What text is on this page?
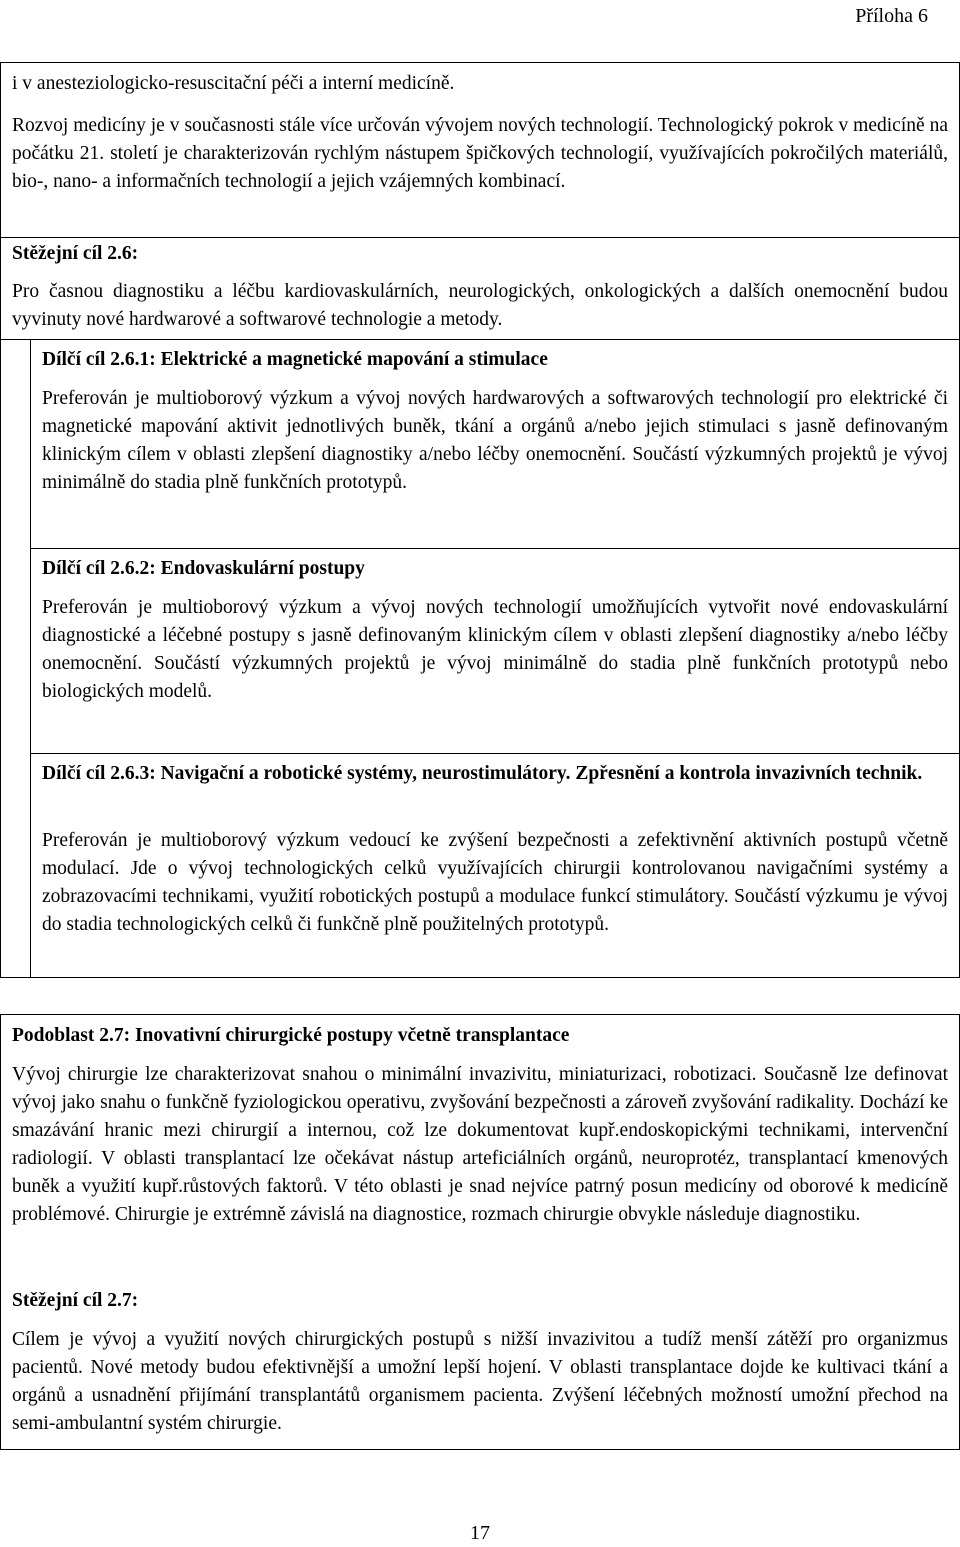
Příloha 6

i v anesteziologicko-resuscitační péči a interní medicíně.

Rozvoj medicíny je v současnosti stále více určován vývojem nových technologií. Technologický pokrok v medicíně na počátku 21. století je charakterizován rychlým nástupem špičkových technologií, využívajících pokročilých materiálů, bio-, nano- a informačních technologií a jejich vzájemných kombinací.

Stěžejní cíl 2.6:

Pro časnou diagnostiku a léčbu kardiovaskulárních, neurologických, onkologických a dalších onemocnění budou vyvinuty nové hardwarové a softwarové technologie a metody.

Dílčí cíl 2.6.1: Elektrické a magnetické mapování a stimulace

Preferován je multioborový výzkum a vývoj nových hardwarových a softwarových technologií pro elektrické či magnetické mapování aktivit jednotlivých buněk, tkání a orgánů a/nebo jejich stimulaci s jasně definovaným klinickým cílem v oblasti zlepšení diagnostiky a/nebo léčby onemocnění. Součástí výzkumných projektů je vývoj minimálně do stadia plně funkčních prototypů.

Dílčí cíl 2.6.2: Endovaskulární postupy

Preferován je multioborový výzkum a vývoj nových technologií umožňujících vytvořit nové endovaskulární diagnostické a léčebné postupy s jasně definovaným klinickým cílem v oblasti zlepšení diagnostiky a/nebo léčby onemocnění. Součástí výzkumných projektů je vývoj minimálně do stadia plně funkčních prototypů nebo biologických modelů.

Dílčí cíl 2.6.3: Navigační a robotické systémy, neurostimulátory. Zpřesnění a kontrola invazivních technik.

Preferován je multioborový výzkum vedoucí ke zvýšení bezpečnosti a zefektivnění aktivních postupů včetně modulací. Jde o vývoj technologických celků využívajících chirurgii kontrolovanou navigačními systémy a zobrazovacími technikami, využití robotických postupů a modulace funkcí stimulátory. Součástí výzkumu je vývoj do stadia technologických celků či funkčně plně použitelných prototypů.

Podoblast 2.7: Inovativní chirurgické postupy včetně transplantace

Vývoj chirurgie lze charakterizovat snahou o minimální invazivitu, miniaturizaci, robotizaci. Současně lze definovat vývoj jako snahu o funkčně fyziologickou operativu, zvyšování bezpečnosti a zároveň zvyšování radikality. Dochází ke smazávání hranic mezi chirurgií a internou, což lze dokumentovat kupř.endoskopickými technikami, intervenční radiologií. V oblasti transplantací lze očekávat nástup arteficiálních orgánů, neuroprotéz, transplantací kmenových buněk a využití kupř.růstových faktorů. V této oblasti je snad nejvíce patrný posun medicíny od oborové k medicíně problémové. Chirurgie je extrémně závislá na diagnostice, rozmach chirurgie obvykle následuje diagnostiku.

Stěžejní cíl 2.7:

Cílem je vývoj a využití nových chirurgických postupů s nižší invazivitou a tudíž menší zátěží pro organizmus pacientů. Nové metody budou efektivnější a umožní lepší hojení. V oblasti transplantace dojde ke kultivaci tkání a orgánů a usnadnění přijímání transplantátů organismem pacienta. Zvýšení léčebných možností umožní přechod na semi-ambulantní systém chirurgie.

17
